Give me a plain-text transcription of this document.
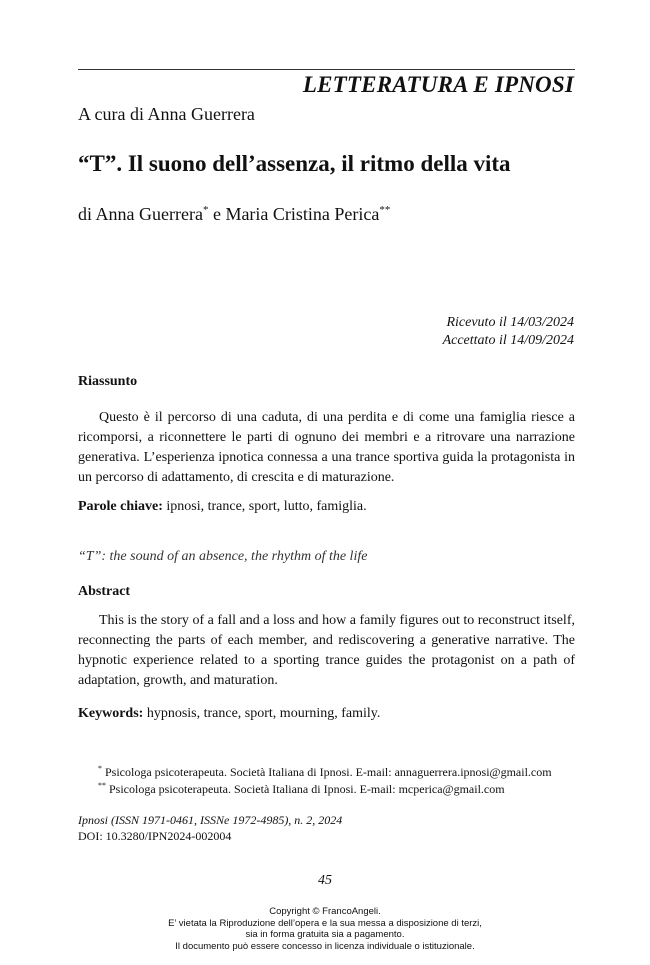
LETTERATURA E IPNOSI
A cura di Anna Guerrera
“T”. Il suono dell’assenza, il ritmo della vita
di Anna Guerrera* e Maria Cristina Perica**
Ricevuto il 14/03/2024
Accettato il 14/09/2024
Riassunto

Questo è il percorso di una caduta, di una perdita e di come una famiglia riesce a ricomporsi, a riconnettere le parti di ognuno dei membri e a ritrovare una narrazione generativa. L’esperienza ipnotica connessa a una trance sportiva guida la protagonista in un percorso di adattamento, di crescita e di maturazione.

Parole chiave: ipnosi, trance, sport, lutto, famiglia.
“T”: the sound of an absence, the rhythm of the life
Abstract

This is the story of a fall and a loss and how a family figures out to reconstruct itself, reconnecting the parts of each member, and rediscovering a generative narrative. The hypnotic experience related to a sporting trance guides the protagonist on a path of adaptation, growth, and maturation.

Keywords: hypnosis, trance, sport, mourning, family.
* Psicologa psicoterapeuta. Società Italiana di Ipnosi. E-mail: annaguerrera.ipnosi@gmail.com
** Psicologa psicoterapeuta. Società Italiana di Ipnosi. E-mail: mcperica@gmail.com
Ipnosi (ISSN 1971-0461, ISSNe 1972-4985), n. 2, 2024
DOI: 10.3280/IPN2024-002004
45
Copyright © FrancoAngeli.
E’ vietata la Riproduzione dell’opera e la sua messa a disposizione di terzi,
sia in forma gratuita sia a pagamento.
Il documento può essere concesso in licenza individuale o istituzionale.
